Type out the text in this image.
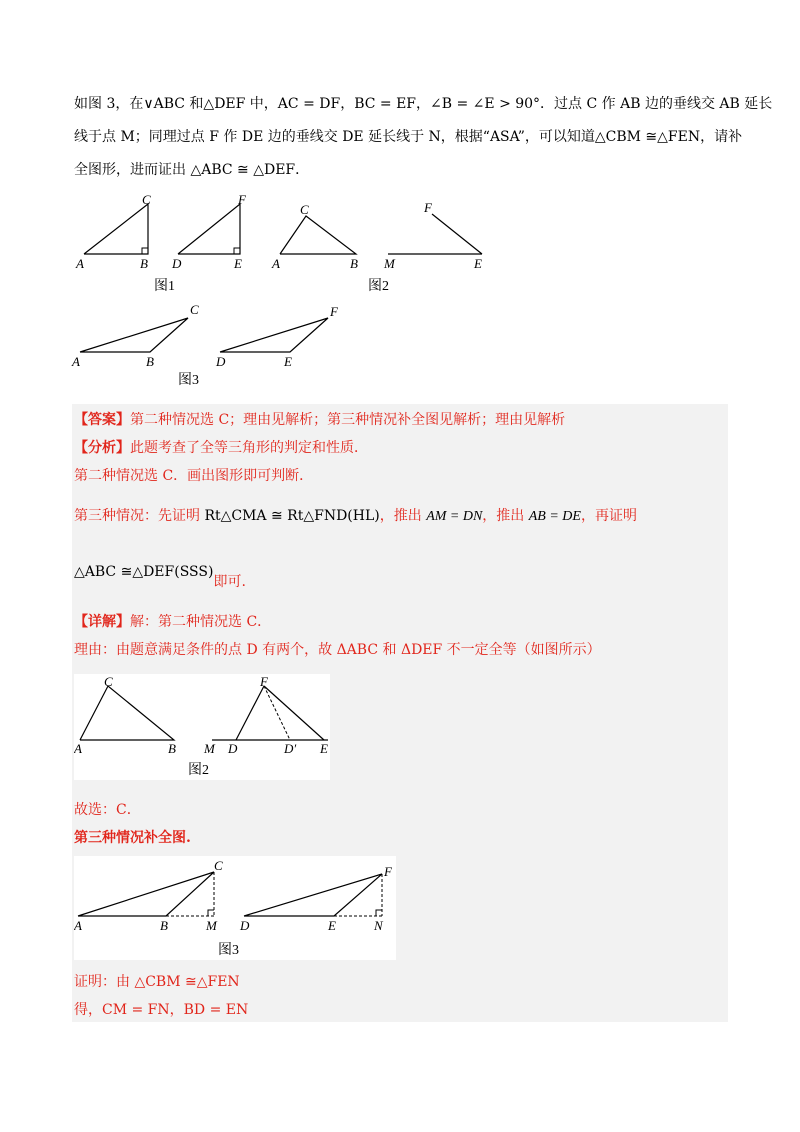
如图 3，在∨ABC 和△DEF 中，AC = DF，BC = EF，∠B = ∠E > 90°．过点 C 作 AB 边的垂线交 AB 延长
线于点 M；同理过点 F 作 DE 边的垂线交 DE 延长线于 N，根据“ASA”，可以知道△CBM ≅△FEN，请补
全图形，进而证出 △ABC ≅ △DEF．
C
A	B
F
D	E
图1
C
A	B
F
M	E
图2
C
A	B
F
D	E
图3
【答案】第二种情况选 C；理由见解析；第三种情况补全图见解析；理由见解析
【分析】此题考查了全等三角形的判定和性质．
第二种情况选 C．画出图形即可判断．
第三种情况：先证明 Rt△CMA ≅ Rt△FND(HL)，推出 AM = DN，推出 AB = DE，再证明
△ABC ≅△DEF(SSS)即可.
【详解】解：第二种情况选 C．
理由：由题意满足条件的点 D 有两个，故 ΔABC 和 ΔDEF 不一定全等（如图所示）
C
A	B
F
M D	D′ E
图2
故选：C．
第三种情况补全图.
C
A	B	M
F
D	E	N
图3
证明：由 △CBM ≅△FEN
得，CM = FN，BD = EN
